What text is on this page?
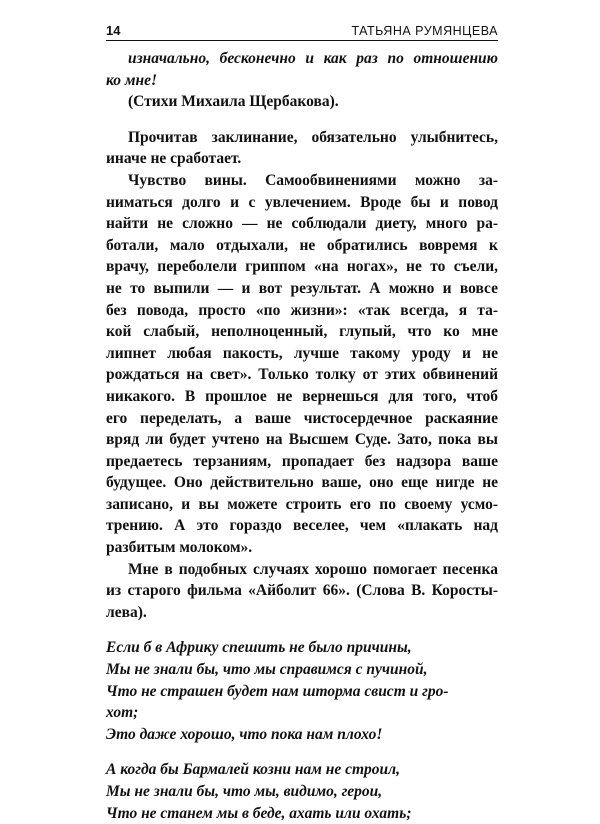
14	ТАТЬЯНА РУМЯНЦЕВА
изначально, бесконечно и как раз по отношению
ко мне!
(Стихи Михаила Щербакова).
Прочитав заклинание, обязательно улыбнитесь,
иначе не сработает.
Чувство вины. Самообвинениями можно за-
ниматься долго и с увлечением. Вроде бы и повод
найти не сложно — не соблюдали диету, много ра-
ботали, мало отдыхали, не обратились вовремя к
врачу, переболели гриппом «на ногах», не то съели,
не то выпили — и вот результат. А можно и вовсе
без повода, просто «по жизни»: «так всегда, я та-
кой слабый, неполноценный, глупый, что ко мне
липнет любая пакость, лучше такому уроду и не
рождаться на свет». Только толку от этих обвинений
никакого. В прошлое не вернешься для того, чтоб
его переделать, а ваше чистосердечное раскаяние
вряд ли будет учтено на Высшем Суде. Зато, пока вы
предаетесь терзаниям, пропадает без надзора ваше
будущее. Оно действительно ваше, оно еще нигде не
записано, и вы можете строить его по своему усмо-
трению. А это гораздо веселее, чем «плакать над
разбитым молоком».
Мне в подобных случаях хорошо помогает песенка
из старого фильма «Айболит 66». (Слова В. Коросты-
лева).
Если б в Африку спешить не было причины,
Мы не знали бы, что мы справимся с пучиной,
Что не страшен будет нам шторма свист и гро-
хот;
Это даже хорошо, что пока нам плохо!
А когда бы Бармалей козни нам не строил,
Мы не знали бы, что мы, видимо, герои,
Что не станем мы в беде, ахать или охать;
